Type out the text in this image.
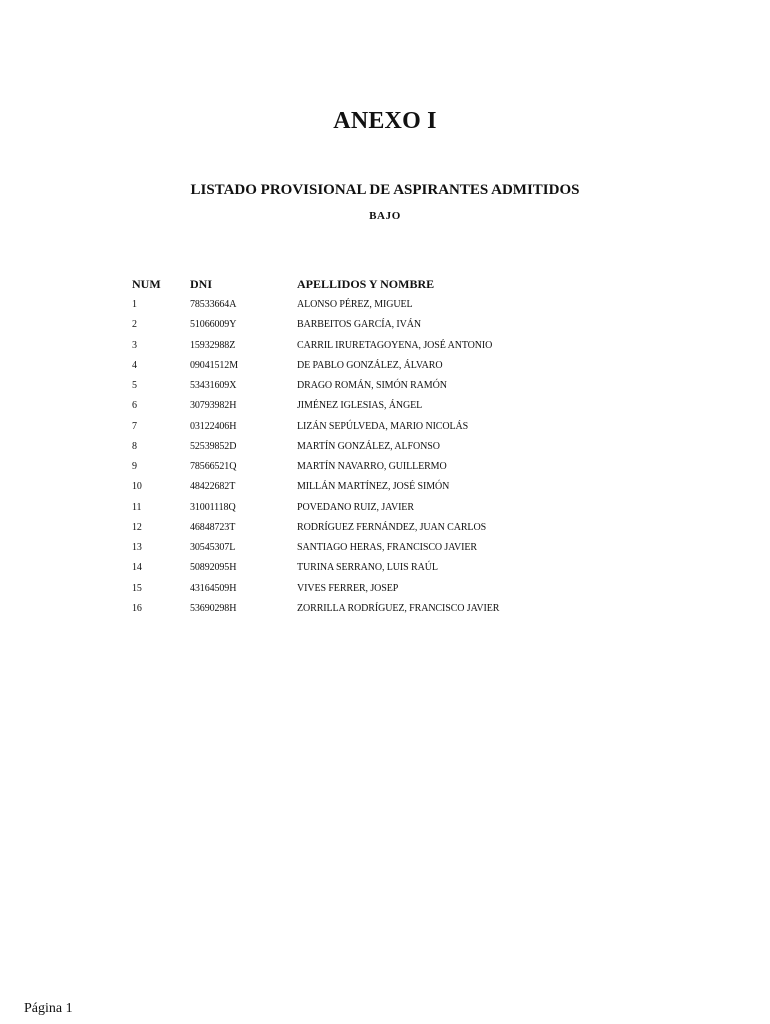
ANEXO I
LISTADO PROVISIONAL DE ASPIRANTES ADMITIDOS
BAJO
NUM DNI	APELLIDOS Y NOMBRE
1	78533664A	ALONSO PÉREZ, MIGUEL
2	51066009Y	BARBEITOS GARCÍA, IVÁN
3	15932988Z	CARRIL IRURETAGOYENA, JOSÉ ANTONIO
4	09041512M	DE PABLO GONZÁLEZ, ÁLVARO
5	53431609X	DRAGO ROMÁN, SIMÓN RAMÓN
6	30793982H	JIMÉNEZ IGLESIAS, ÁNGEL
7	03122406H	LIZÁN SEPÚLVEDA, MARIO NICOLÁS
8	52539852D	MARTÍN GONZÁLEZ, ALFONSO
9	78566521Q	MARTÍN NAVARRO, GUILLERMO
10	48422682T	MILLÁN MARTÍNEZ, JOSÉ SIMÓN
11	31001118Q	POVEDANO RUIZ, JAVIER
12	46848723T	RODRÍGUEZ FERNÁNDEZ, JUAN CARLOS
13	30545307L	SANTIAGO HERAS, FRANCISCO JAVIER
14	50892095H	TURINA SERRANO, LUIS RAÚL
15	43164509H	VIVES FERRER, JOSEP
16	53690298H	ZORRILLA RODRÍGUEZ, FRANCISCO JAVIER
Página 1
